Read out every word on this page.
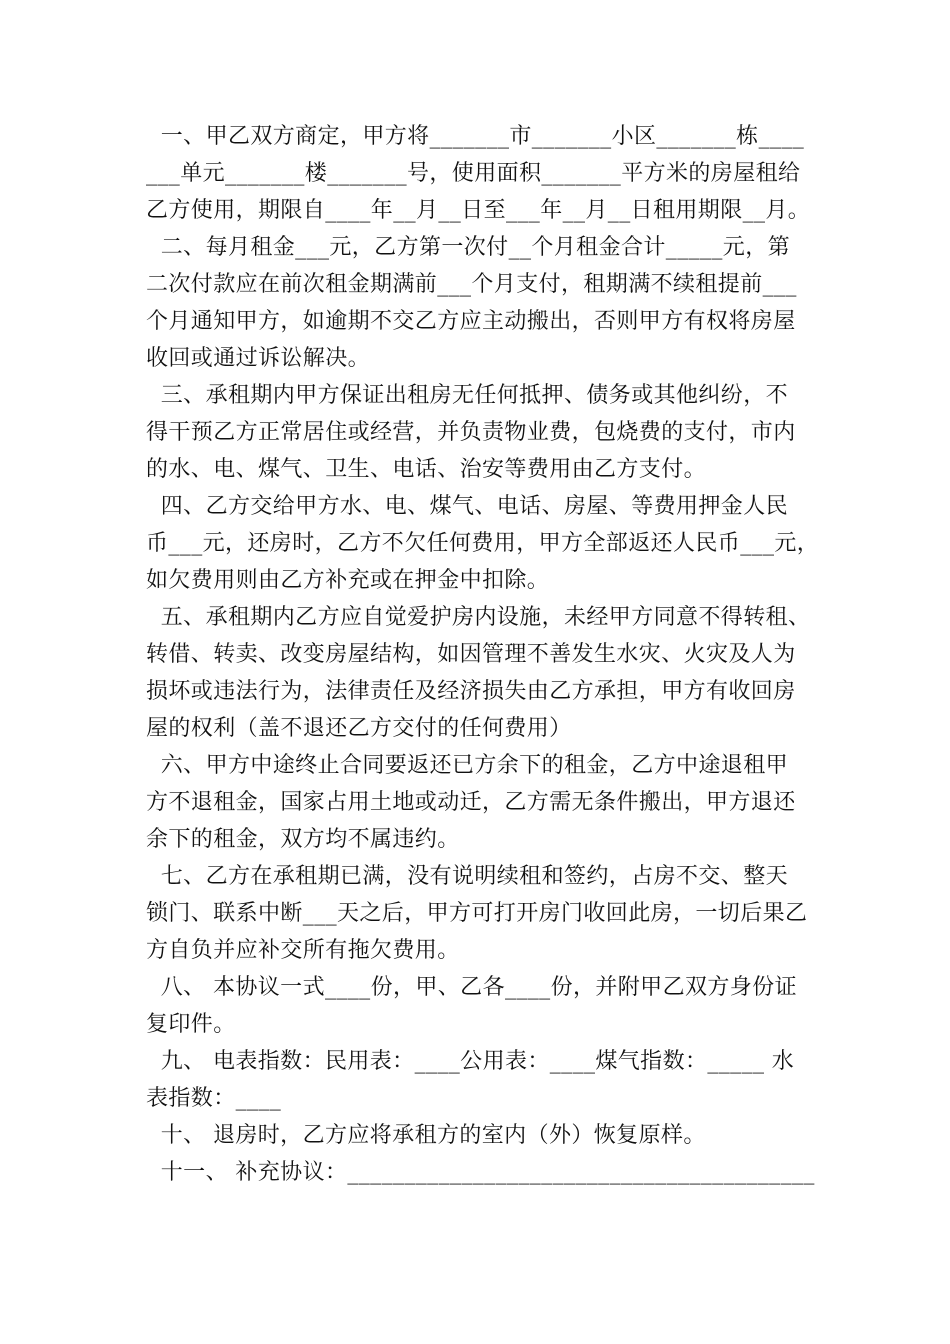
一、甲乙双方商定，甲方将_______市_______小区_______栋____
___单元_______楼_______号，使用面积_______平方米的房屋租给
乙方使用，期限自____年__月__日至___年__月__日租用期限__月。
二、每月租金___元，乙方第一次付__个月租金合计_____元，第
二次付款应在前次租金期满前___个月支付，租期满不续租提前___
个月通知甲方，如逾期不交乙方应主动搬出，否则甲方有权将房屋
收回或通过诉讼解决。
三、承租期内甲方保证出租房无任何抵押、债务或其他纠纷，不
得干预乙方正常居住或经营，并负责物业费，包烧费的支付，市内
的水、电、煤气、卫生、电话、治安等费用由乙方支付。
四、乙方交给甲方水、电、煤气、电话、房屋、等费用押金人民
币___元，还房时，乙方不欠任何费用，甲方全部返还人民币___元，
如欠费用则由乙方补充或在押金中扣除。
五、承租期内乙方应自觉爱护房内设施，未经甲方同意不得转租、
转借、转卖、改变房屋结构，如因管理不善发生水灾、火灾及人为
损坏或违法行为，法律责任及经济损失由乙方承担，甲方有收回房
屋的权利（盖不退还乙方交付的任何费用）
六、甲方中途终止合同要返还已方余下的租金，乙方中途退租甲
方不退租金，国家占用土地或动迁，乙方需无条件搬出，甲方退还
余下的租金，双方均不属违约。
七、乙方在承租期已满，没有说明续租和签约，占房不交、整天
锁门、联系中断___天之后，甲方可打开房门收回此房，一切后果乙
方自负并应补交所有拖欠费用。
八、 本协议一式____份，甲、乙各____份，并附甲乙双方身份证
复印件。
九、 电表指数：民用表：____公用表：____煤气指数：_____ 水
表指数：____
十、 退房时，乙方应将承租方的室内（外）恢复原样。
十一、 补充协议：_________________________________________
